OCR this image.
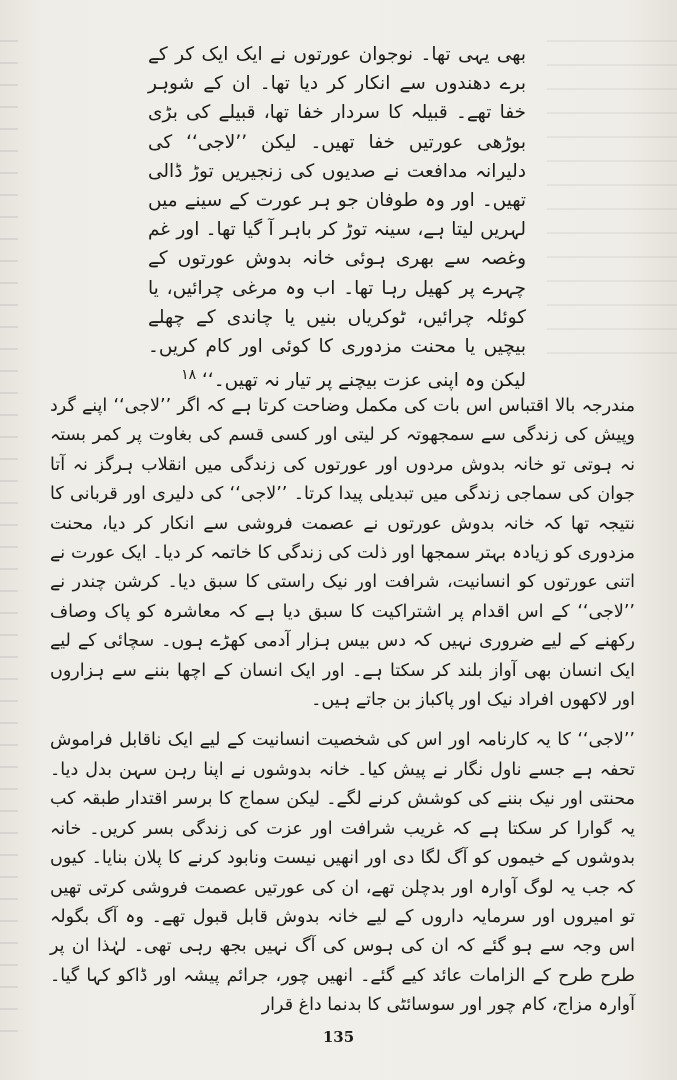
بھی یہی تھا۔ نوجوان عورتوں نے ایک ایک کر کے برے دھندوں سے انکار کر دیا تھا۔ ان کے شوہر خفا تھے۔ قبیلہ کا سردار خفا تھا، قبیلے کی بڑی بوڑھی عورتیں خفا تھیں۔ لیکن ’’لاجی‘‘ کی دلیرانہ مدافعت نے صدیوں کی زنجیریں توڑ ڈالی تھیں۔ اور وہ طوفان جو ہر عورت کے سینے میں لہریں لیتا ہے، سینہ توڑ کر باہر آ گیا تھا۔ اور غم وغصہ سے بھری ہوئی خانہ بدوش عورتوں کے چہرے پر کھیل رہا تھا۔ اب وہ مرغی چرائیں، یا کوئلہ چرائیں، ٹوکریاں بنیں یا چاندی کے چھلے بیچیں یا محنت مزدوری کا کوئی اور کام کریں۔ لیکن وہ اپنی عزت بیچنے پر تیار نہ تھیں۔‘‘ $^{۱۸}$

مندرجہ بالا اقتباس اس بات کی مکمل وضاحت کرتا ہے کہ اگر ’’لاجی‘‘ اپنے گرد وپیش کی زندگی سے سمجھوتہ کر لیتی اور کسی قسم کی بغاوت پر کمر بستہ نہ ہوتی تو خانہ بدوش مردوں اور عورتوں کی زندگی میں انقلاب ہرگز نہ آتا جوان کی سماجی زندگی میں تبدیلی پیدا کرتا۔ ’’لاجی‘‘ کی دلیری اور قربانی کا نتیجہ تھا کہ خانہ بدوش عورتوں نے عصمت فروشی سے انکار کر دیا، محنت مزدوری کو زیادہ بہتر سمجھا اور ذلت کی زندگی کا خاتمہ کر دیا۔ ایک عورت نے اتنی عورتوں کو انسانیت، شرافت اور نیک راستی کا سبق دیا۔ کرشن چندر نے ’’لاجی‘‘ کے اس اقدام پر اشتراکیت کا سبق دیا ہے کہ معاشرہ کو پاک وصاف رکھنے کے لیے ضروری نہیں کہ دس بیس ہزار آدمی کھڑے ہوں۔ سچائی کے لیے ایک انسان بھی آواز بلند کر سکتا ہے۔ اور ایک انسان کے اچھا بننے سے ہزاروں اور لاکھوں افراد نیک اور پاکباز بن جاتے ہیں۔

’’لاجی‘‘ کا یہ کارنامہ اور اس کی شخصیت انسانیت کے لیے ایک ناقابل فراموش تحفہ ہے جسے ناول نگار نے پیش کیا۔ خانہ بدوشوں نے اپنا رہن سہن بدل دیا۔ محنتی اور نیک بننے کی کوشش کرنے لگے۔ لیکن سماج کا برسر اقتدار طبقہ کب یہ گوارا کر سکتا ہے کہ غریب شرافت اور عزت کی زندگی بسر کریں۔ خانہ بدوشوں کے خیموں کو آگ لگا دی اور انھیں نیست ونابود کرنے کا پلان بنایا۔ کیوں کہ جب یہ لوگ آوارہ اور بدچلن تھے، ان کی عورتیں عصمت فروشی کرتی تھیں تو امیروں اور سرمایہ داروں کے لیے خانہ بدوش قابل قبول تھے۔ وہ آگ بگولہ اس وجہ سے ہو گئے کہ ان کی ہوس کی آگ نہیں بجھ رہی تھی۔ لہٰذا ان پر طرح طرح کے الزامات عائد کیے گئے۔ انھیں چور، جرائم پیشہ اور ڈاکو کہا گیا۔ آوارہ مزاج، کام چور اور سوسائٹی کا بدنما داغ قرار

135
